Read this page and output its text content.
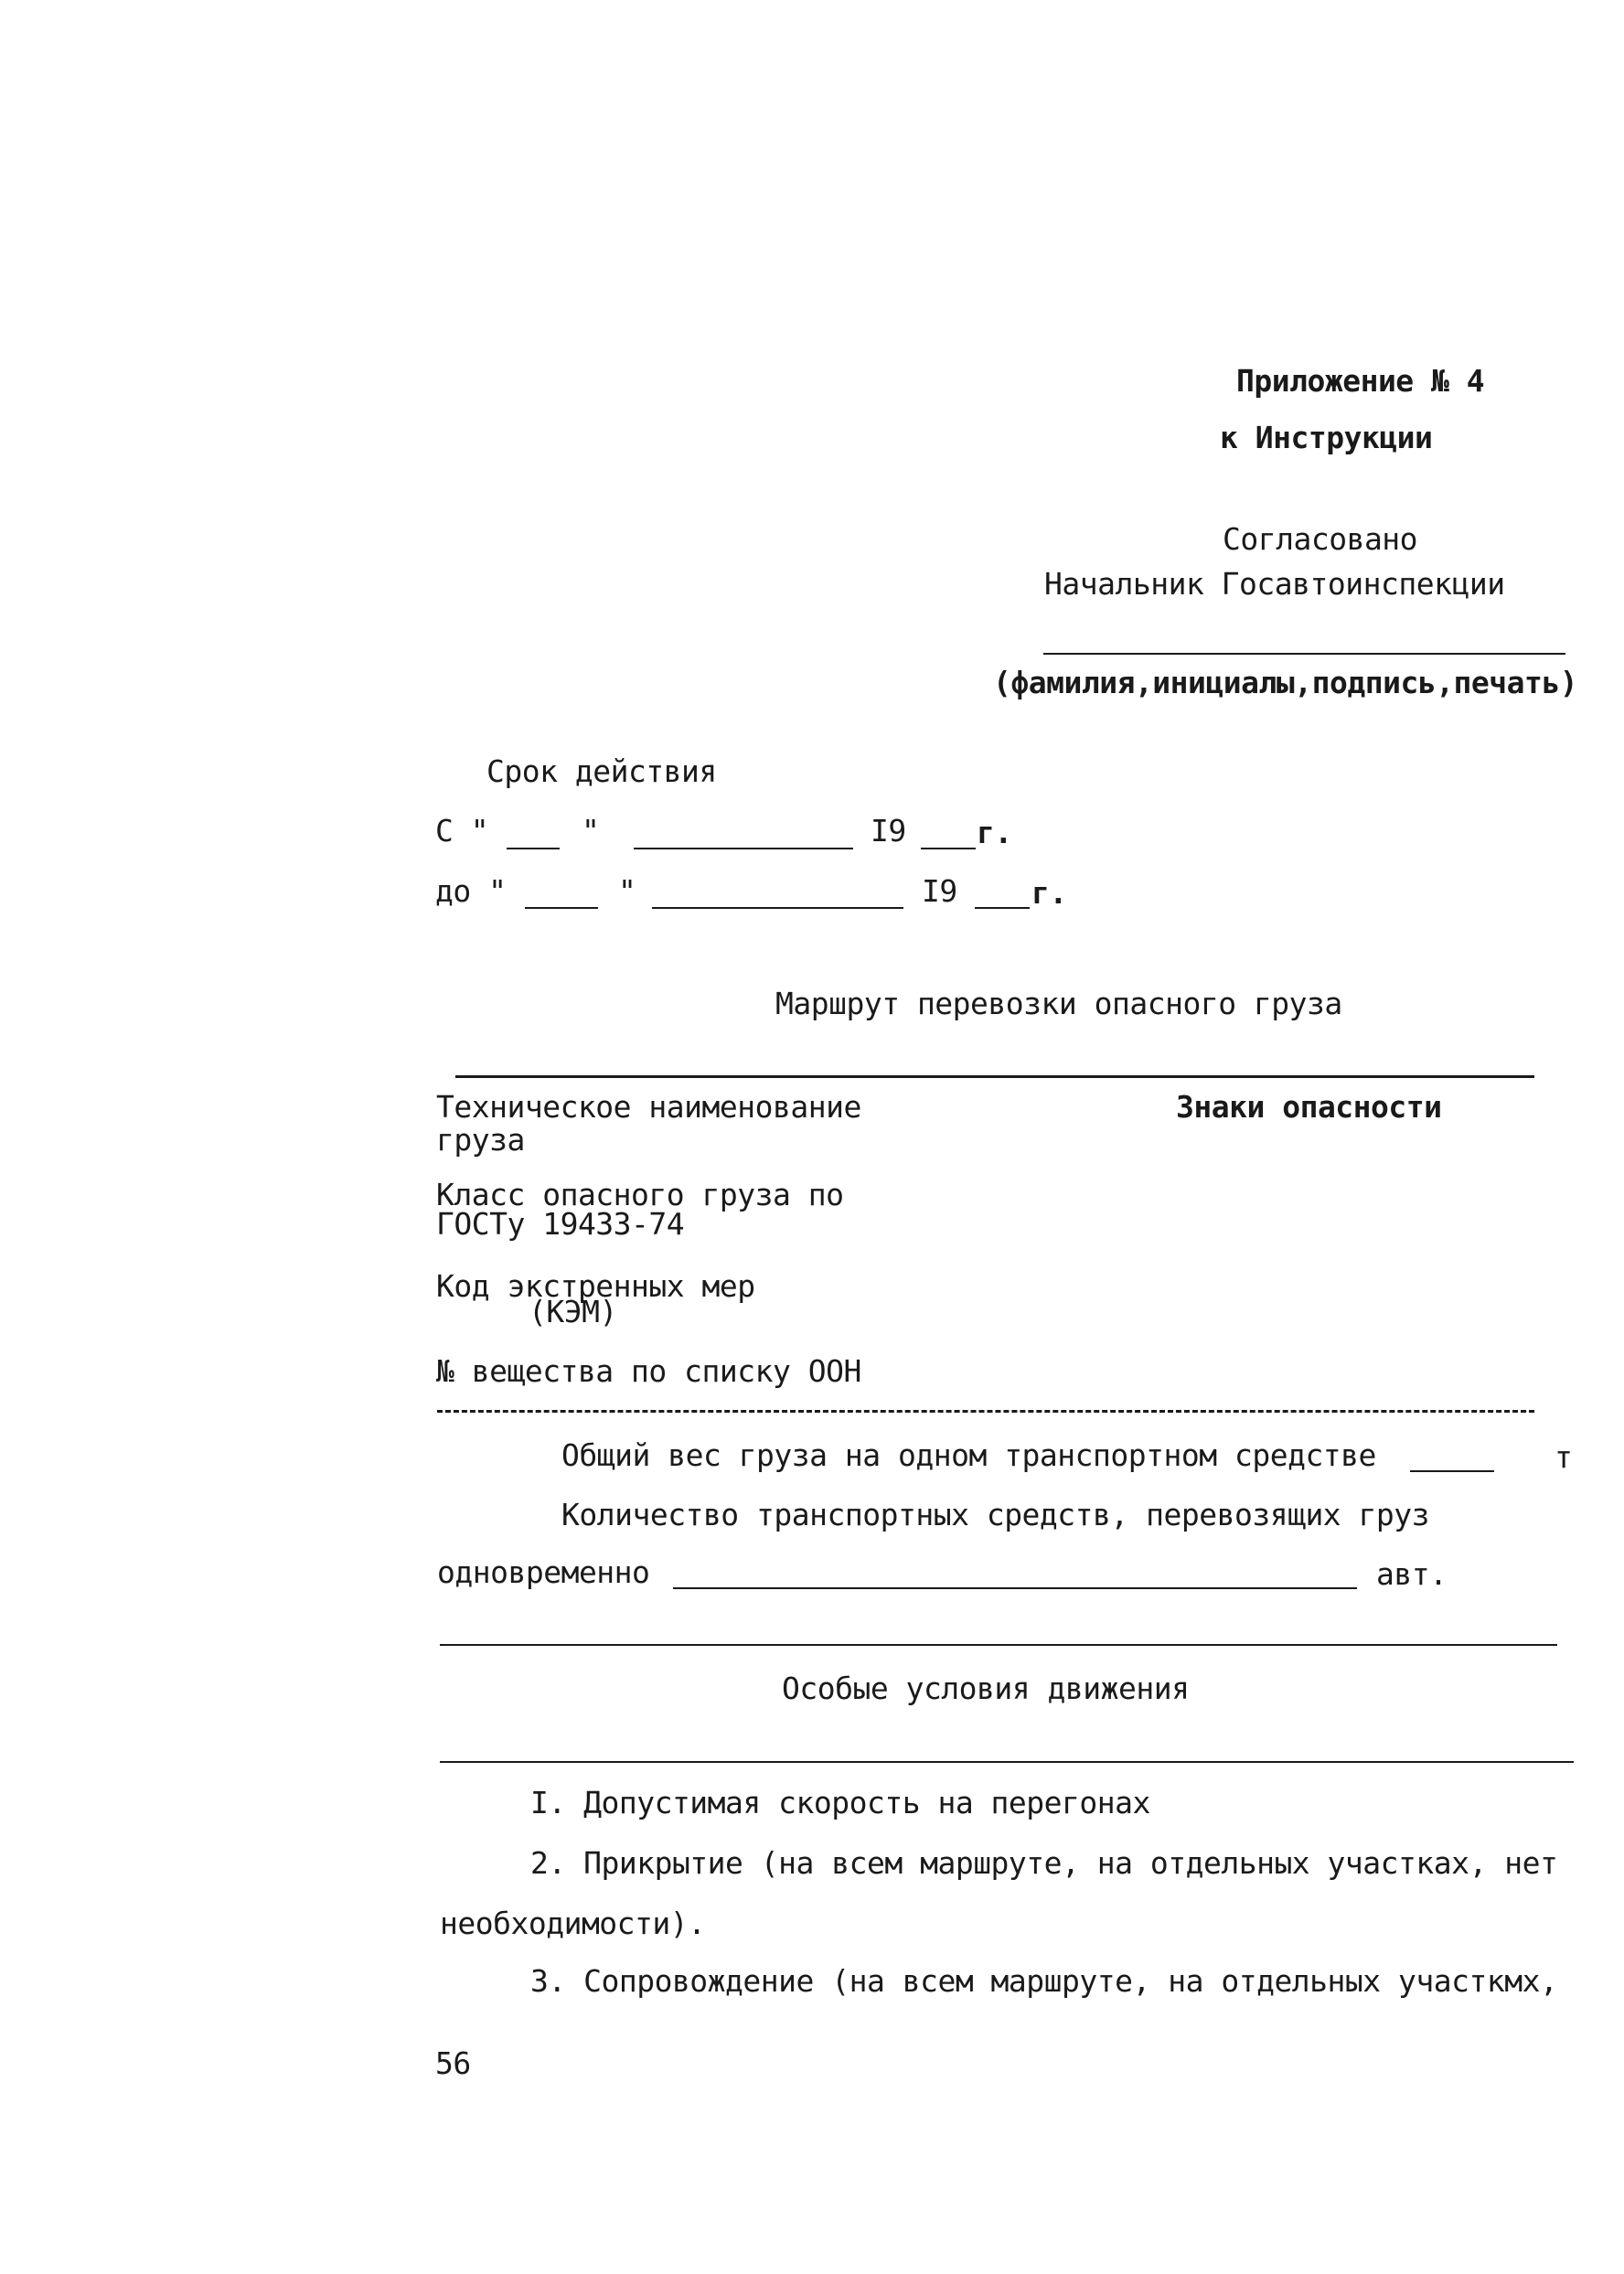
Приложение № 4
к Инструкции
Согласовано
Начальник Госавтоинспекции
(фамилия,инициалы,подпись,печать)
Срок действия
С "	"	I9 г.
до "	"	I9 г.
Маршрут перевозки опасного груза
Техническое наименование
груза
Знаки опасности
Класс опасного груза по
ГОСТу 19433-74
Код экстренных мер
(КЭМ)
№ вещества по списку ООН
Общий вес груза на одном транспортном средстве	т
Количество транспортных средств, перевозящих груз
одновременно	авт.
Особые условия движения
I. Допустимая скорость на перегонах
2. Прикрытие (на всем маршруте, на отдельных участках, нет
необходимости).
3. Сопровождение (на всем маршруте, на отдельных участкмх,
56
